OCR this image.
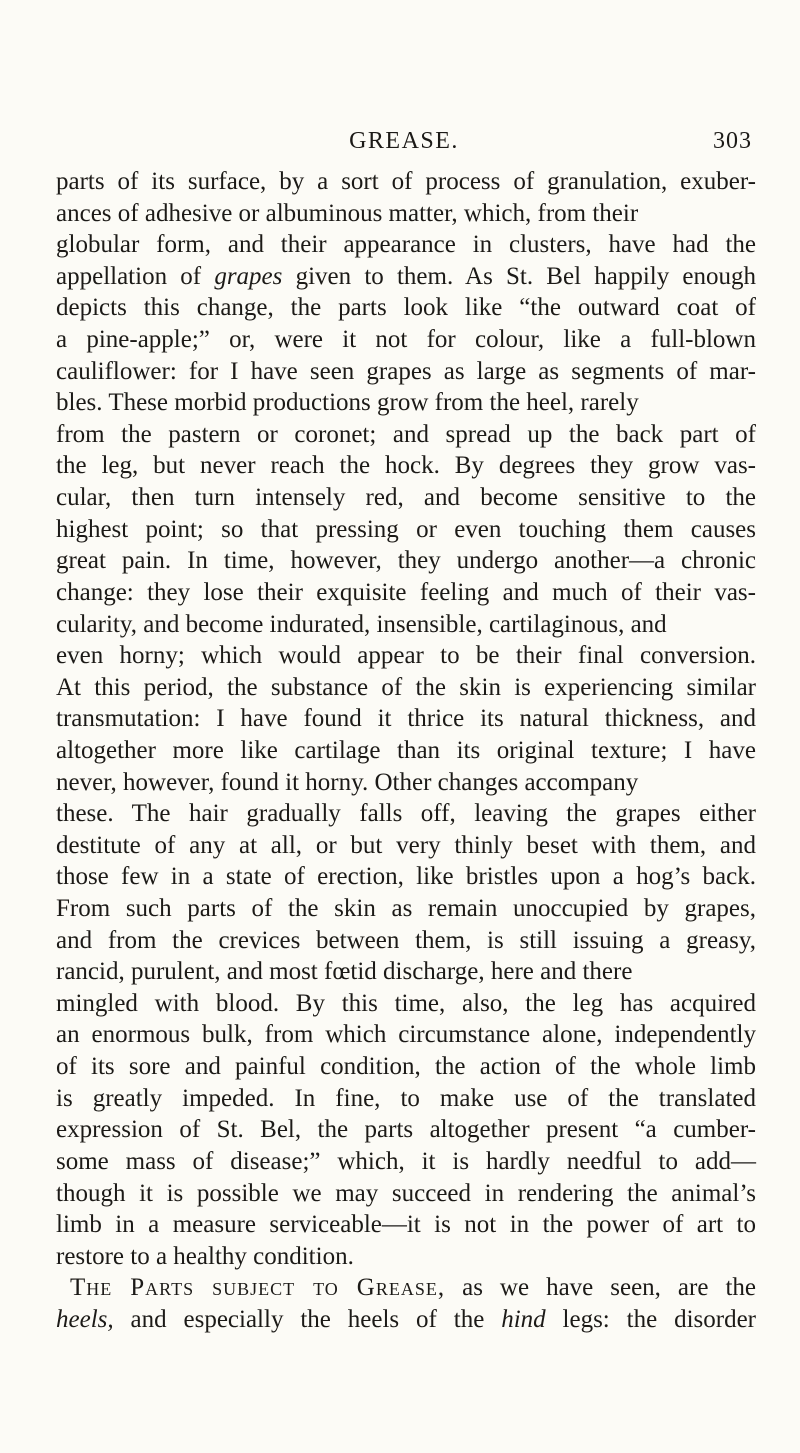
GREASE.	303
parts of its surface, by a sort of process of granulation, exuber-
ances of adhesive or albuminous matter, which, from their
globular form, and their appearance in clusters, have had the
appellation of grapes given to them. As St. Bel happily enough
depicts this change, the parts look like “the outward coat of
a pine-apple;” or, were it not for colour, like a full-blown
cauliflower: for I have seen grapes as large as segments of mar-
bles. These morbid productions grow from the heel, rarely
from the pastern or coronet; and spread up the back part of
the leg, but never reach the hock. By degrees they grow vas-
cular, then turn intensely red, and become sensitive to the
highest point; so that pressing or even touching them causes
great pain. In time, however, they undergo another—a chronic
change: they lose their exquisite feeling and much of their vas-
cularity, and become indurated, insensible, cartilaginous, and
even horny; which would appear to be their final conversion.
At this period, the substance of the skin is experiencing similar
transmutation: I have found it thrice its natural thickness, and
altogether more like cartilage than its original texture; I have
never, however, found it horny. Other changes accompany
these. The hair gradually falls off, leaving the grapes either
destitute of any at all, or but very thinly beset with them, and
those few in a state of erection, like bristles upon a hog’s back.
From such parts of the skin as remain unoccupied by grapes,
and from the crevices between them, is still issuing a greasy,
rancid, purulent, and most fœtid discharge, here and there
mingled with blood. By this time, also, the leg has acquired
an enormous bulk, from which circumstance alone, independently
of its sore and painful condition, the action of the whole limb
is greatly impeded. In fine, to make use of the translated
expression of St. Bel, the parts altogether present “a cumber-
some mass of disease;” which, it is hardly needful to add—
though it is possible we may succeed in rendering the animal’s
limb in a measure serviceable—it is not in the power of art to
restore to a healthy condition.
The Parts subject to Grease, as we have seen, are the
heels, and especially the heels of the hind legs: the disorder
